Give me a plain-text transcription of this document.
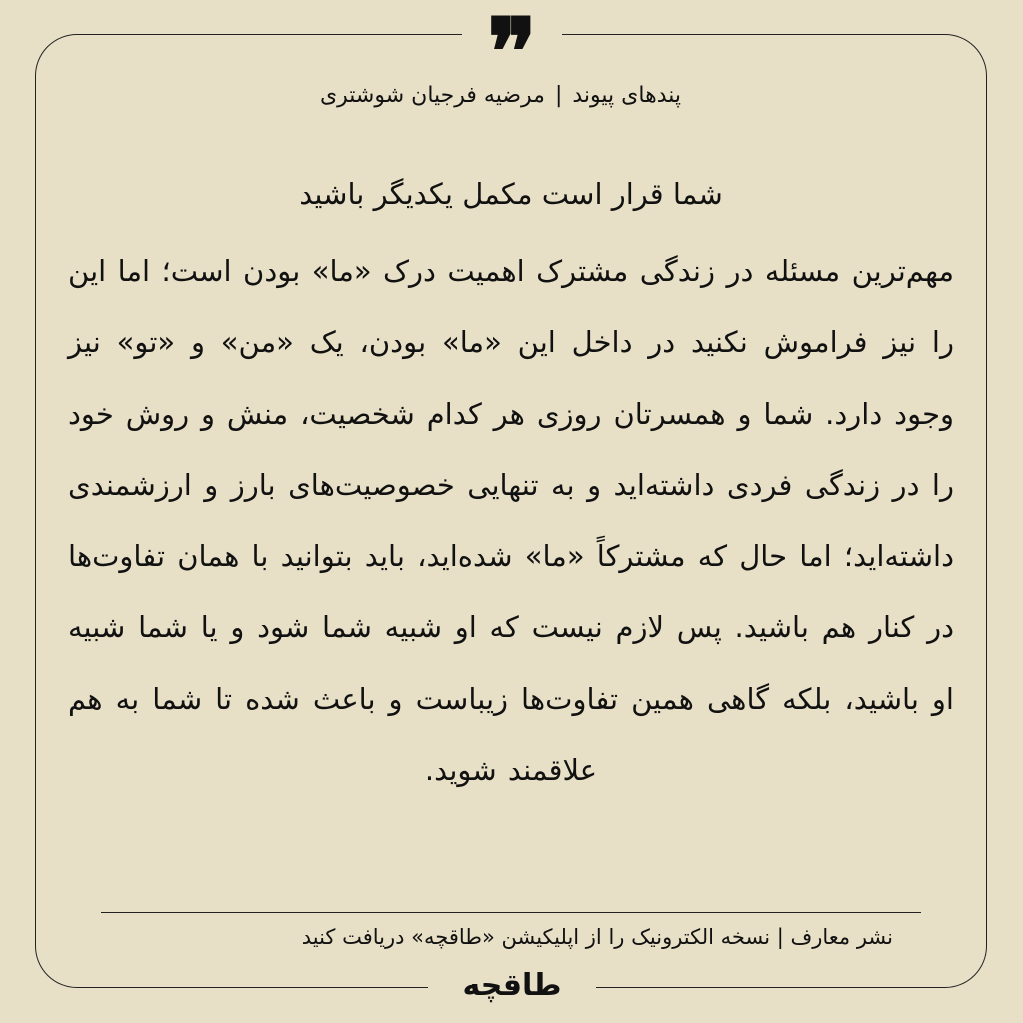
❞	پندهای پیوند|مرضیه فرجیان شوشتری
شما قرار است مکمل یکدیگر باشید
مهم‌ترین مسئله در زندگی مشترک اهمیت درک «ما» بودن است؛ اما این را نیز فراموش نکنید در داخل این «ما» بودن، یک «من» و «تو» نیز وجود دارد. شما و همسرتان روزی هر کدام شخصیت، منش و روش خود را در زندگی فردی داشته‌اید و به تنهایی خصوصیت‌های بارز و ارزشمندی داشته‌اید؛ اما حال که مشترکاً «ما» شده‌اید، باید بتوانید با همان تفاوت‌ها در کنار هم باشید. پس لازم نیست که او شبیه شما شود و یا شما شبیه او باشید، بلکه گاهی همین تفاوت‌ها زیباست و باعث شده تا شما به هم علاقمند شوید.
نشر معارف | نسخه الکترونیک را از اپلیکیشن «طاقچه» دریافت کنید
طاقچه
